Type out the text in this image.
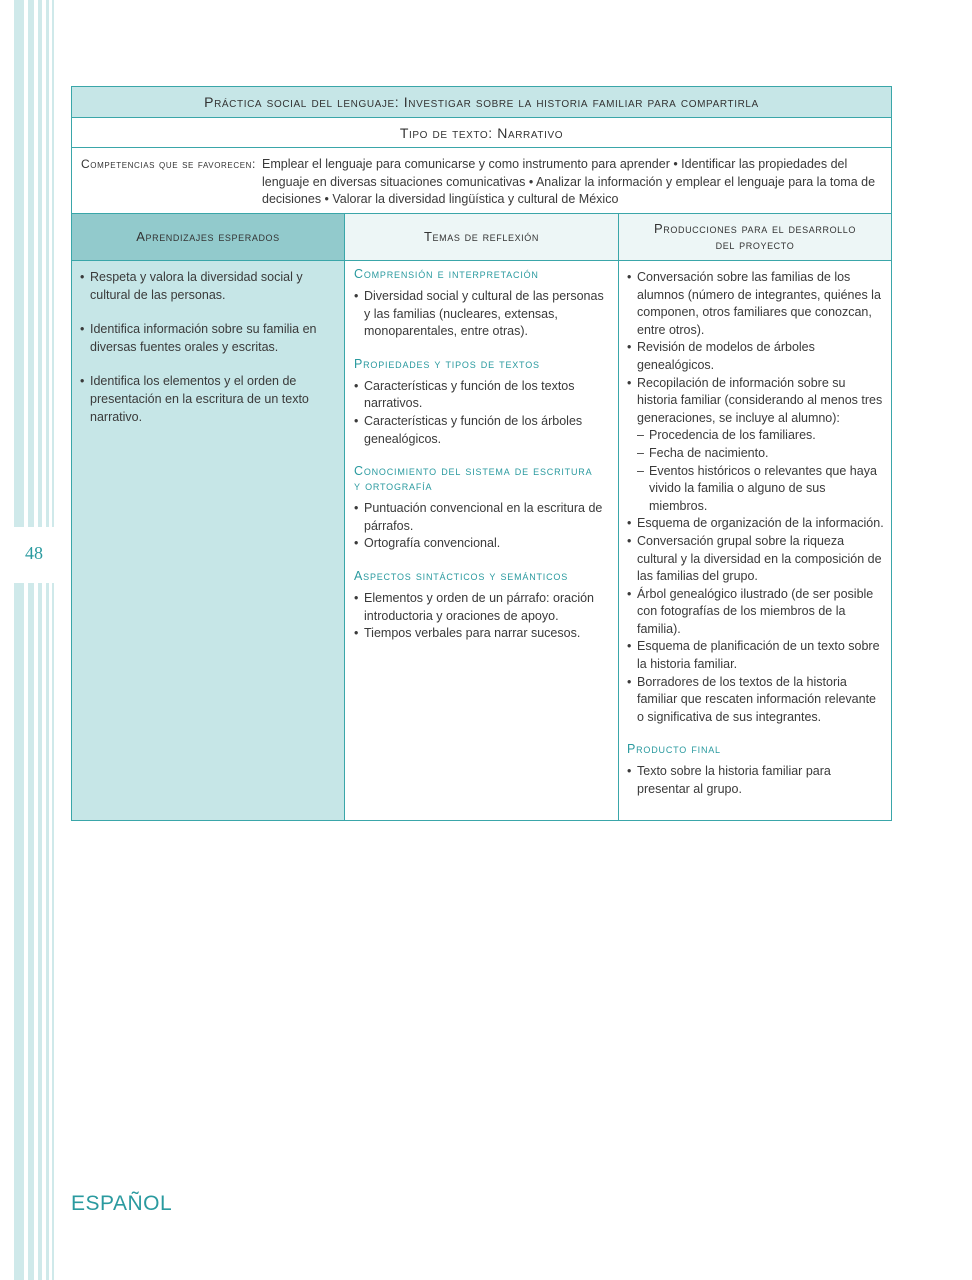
48
Práctica social del lenguaje: Investigar sobre la historia familiar para compartirla
Tipo de texto: Narrativo
Competencias que se favorecen: Emplear el lenguaje para comunicarse y como instrumento para aprender • Identificar las propiedades del lenguaje en diversas situaciones comunicativas • Analizar la información y emplear el lenguaje para la toma de decisiones • Valorar la diversidad lingüística y cultural de México
Aprendizajes esperados	Temas de reflexión
Producciones para el desarrollo del proyecto
• Respeta y valora la diversidad social y cultural de las personas.
• Identifica información sobre su familia en diversas fuentes orales y escritas.
• Identifica los elementos y el orden de presentación en la escritura de un texto narrativo.
Comprensión e interpretación
• Diversidad social y cultural de las personas y las familias (nucleares, extensas, monoparentales, entre otras).
Propiedades y tipos de textos
• Características y función de los textos narrativos.
• Características y función de los árboles genealógicos.
Conocimiento del sistema de escritura y ortografía
• Puntuación convencional en la escritura de párrafos.
• Ortografía convencional.
Aspectos sintácticos y semánticos
• Elementos y orden de un párrafo: oración introductoria y oraciones de apoyo.
• Tiempos verbales para narrar sucesos.
• Conversación sobre las familias de los alumnos (número de integrantes, quiénes la componen, otros familiares que conozcan, entre otros).
• Revisión de modelos de árboles genealógicos.
• Recopilación de información sobre su historia familiar (considerando al menos tres generaciones, se incluye al alumno):
– Procedencia de los familiares.
– Fecha de nacimiento.
– Eventos históricos o relevantes que haya vivido la familia o alguno de sus miembros.
• Esquema de organización de la información.
• Conversación grupal sobre la riqueza cultural y la diversidad en la composición de las familias del grupo.
• Árbol genealógico ilustrado (de ser posible con fotografías de los miembros de la familia).
• Esquema de planificación de un texto sobre la historia familiar.
• Borradores de los textos de la historia familiar que rescaten información relevante o significativa de sus integrantes.
Producto final
• Texto sobre la historia familiar para presentar al grupo.
ESPAÑOL
